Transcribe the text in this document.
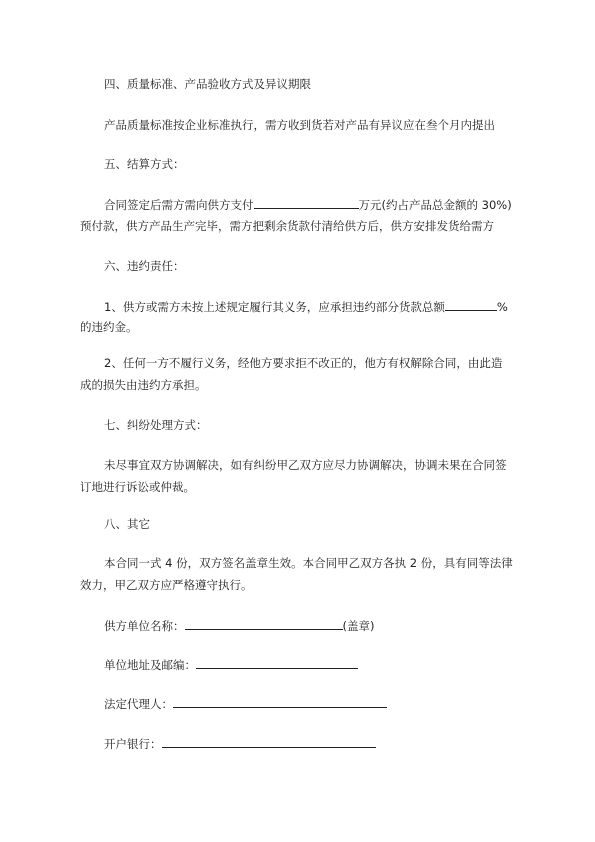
四、质量标准、产品验收方式及异议期限
产品质量标准按企业标准执行，需方收到货若对产品有异议应在叁个月内提出
五、结算方式：
合同签定后需方需向供方支付	万元(约占产品总金额的 30%)
预付款，供方产品生产完毕，需方把剩余货款付清给供方后，供方安排发货给需方
六、违约责任：
1、供方或需方未按上述规定履行其义务，应承担违约部分货款总额	%
的违约金。
2、任何一方不履行义务，经他方要求拒不改正的，他方有权解除合同，由此造
成的损失由违约方承担。
七、纠纷处理方式：
未尽事宜双方协调解决，如有纠纷甲乙双方应尽力协调解决，协调未果在合同签
订地进行诉讼或仲裁。
八、其它
本合同一式 4 份，双方签名盖章生效。本合同甲乙双方各执 2 份，具有同等法律
效力，甲乙双方应严格遵守执行。
供方单位名称：	(盖章)
单位地址及邮编：
法定代理人：
开户银行：
